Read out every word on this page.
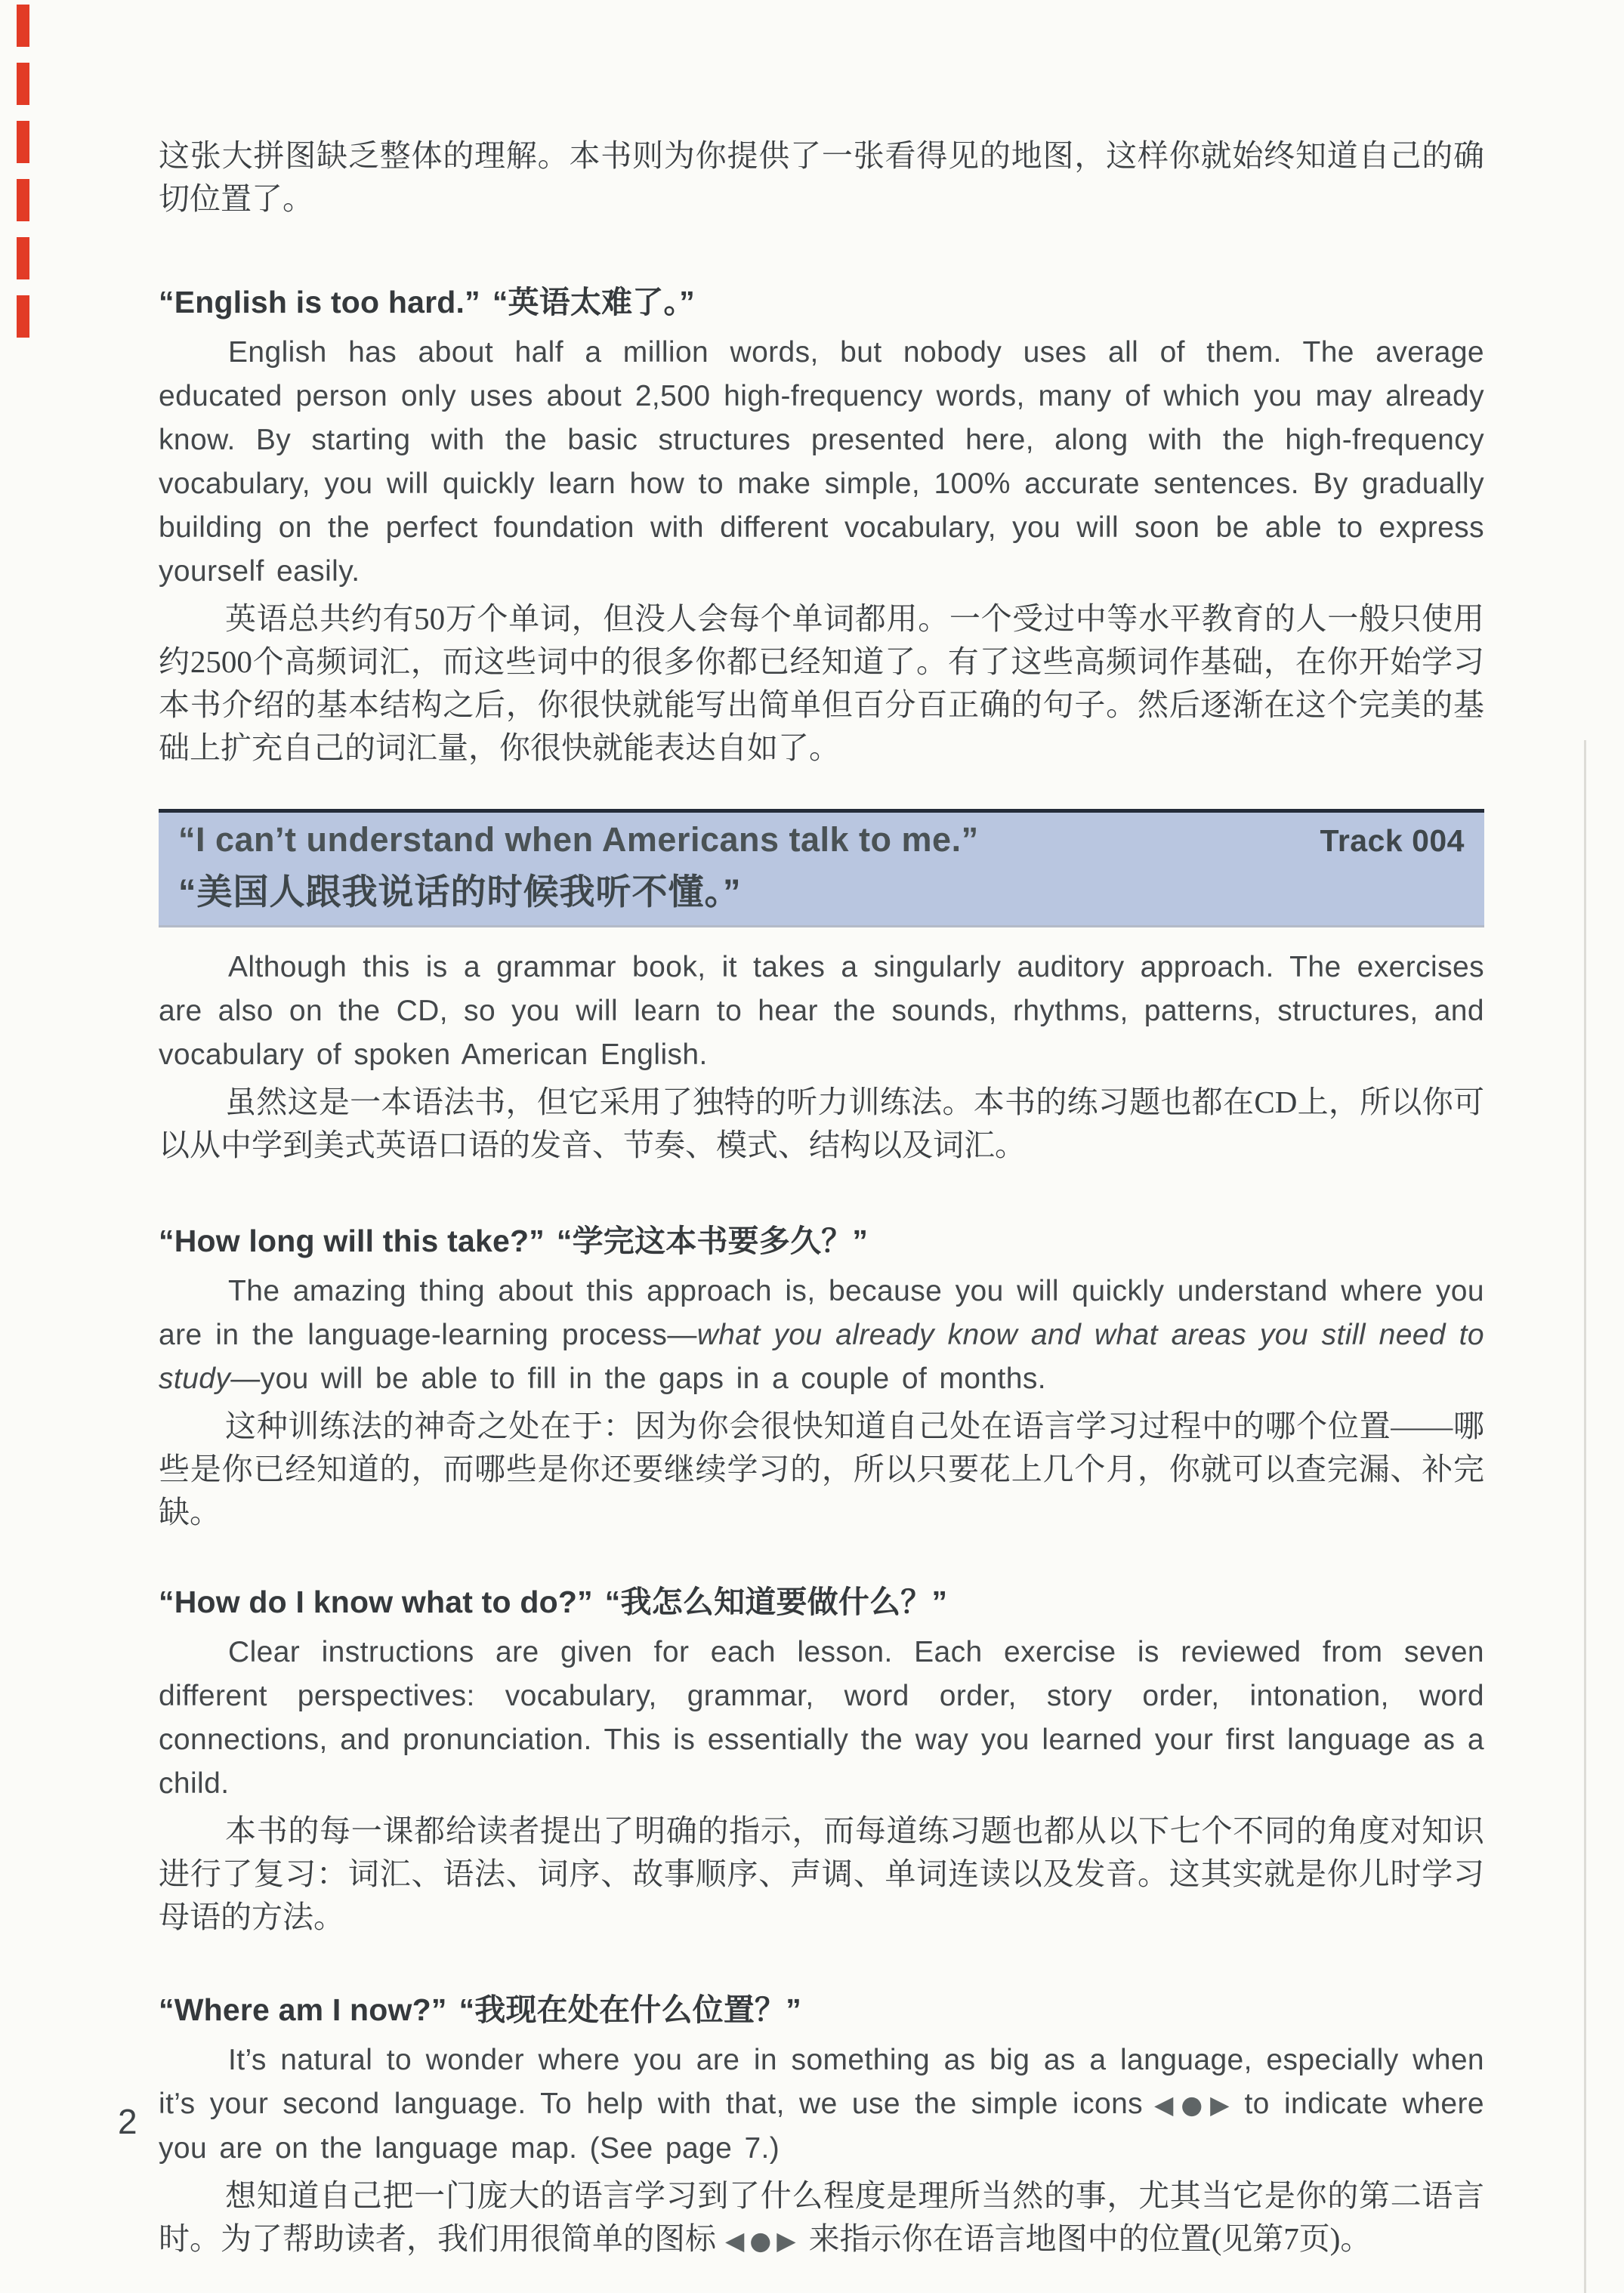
这张大拼图缺乏整体的理解。本书则为你提供了一张看得见的地图，这样你就始终知道自己的确切位置了。

“English is too hard.” “英语太难了。”

English has about half a million words, but nobody uses all of them. The average educated person only uses about 2,500 high-frequency words, many of which you may already know. By starting with the basic structures presented here, along with the high-frequency vocabulary, you will quickly learn how to make simple, 100% accurate sentences. By gradually building on the perfect foundation with different vocabulary, you will soon be able to express yourself easily.

英语总共约有50万个单词，但没人会每个单词都用。一个受过中等水平教育的人一般只使用约2500个高频词汇，而这些词中的很多你都已经知道了。有了这些高频词作基础，在你开始学习本书介绍的基本结构之后，你很快就能写出简单但百分百正确的句子。然后逐渐在这个完美的基础上扩充自己的词汇量，你很快就能表达自如了。

“I can’t understand when Americans talk to me.”	Track 004
“美国人跟我说话的时候我听不懂。”

Although this is a grammar book, it takes a singularly auditory approach. The exercises are also on the CD, so you will learn to hear the sounds, rhythms, patterns, structures, and vocabulary of spoken American English.

虽然这是一本语法书，但它采用了独特的听力训练法。本书的练习题也都在CD上，所以你可以从中学到美式英语口语的发音、节奏、模式、结构以及词汇。

“How long will this take?” “学完这本书要多久？”

The amazing thing about this approach is, because you will quickly understand where you are in the language-learning process—what you already know and what areas you still need to study—you will be able to fill in the gaps in a couple of months.

这种训练法的神奇之处在于：因为你会很快知道自己处在语言学习过程中的哪个位置——哪些是你已经知道的，而哪些是你还要继续学习的，所以只要花上几个月，你就可以查完漏、补完缺。

“How do I know what to do?” “我怎么知道要做什么？”

Clear instructions are given for each lesson. Each exercise is reviewed from seven different perspectives: vocabulary, grammar, word order, story order, intonation, word connections, and pronunciation. This is essentially the way you learned your first language as a child.

本书的每一课都给读者提出了明确的指示，而每道练习题也都从以下七个不同的角度对知识进行了复习：词汇、语法、词序、故事顺序、声调、单词连读以及发音。这其实就是你儿时学习母语的方法。

“Where am I now?” “我现在处在什么位置？”

It’s natural to wonder where you are in something as big as a language, especially when it’s your second language. To help with that, we use the simple icons ◀●▶ to indicate where you are on the language map. (See page 7.)

想知道自己把一门庞大的语言学习到了什么程度是理所当然的事，尤其当它是你的第二语言时。为了帮助读者，我们用很简单的图标 ◀●▶ 来指示你在语言地图中的位置(见第7页)。

2
